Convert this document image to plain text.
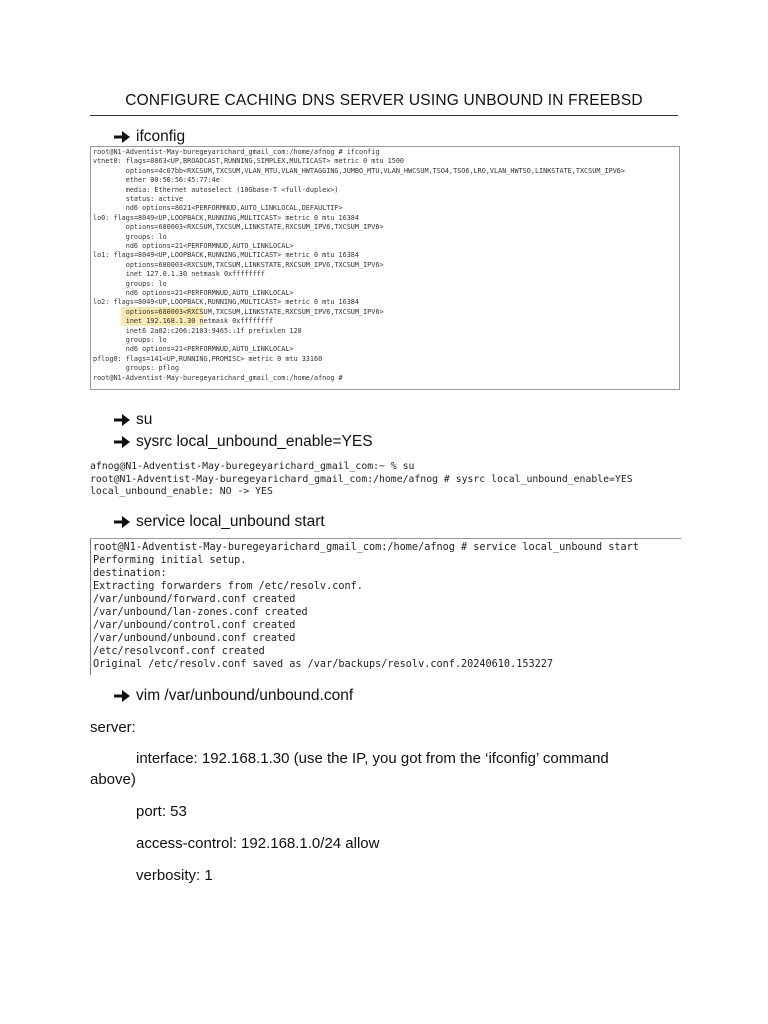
CONFIGURE CACHING DNS SERVER USING UNBOUND IN FREEBSD
ifconfig
root@N1-Adventist-May-buregeyarichard_gmail_com:/home/afnog # ifconfig
vtnet0: flags=8863<UP,BROADCAST,RUNNING,SIMPLEX,MULTICAST> metric 0 mtu 1500
options=4c07bb<RXCSUM,TXCSUM,VLAN_MTU,VLAN_HWTAGGING,JUMBO_MTU,VLAN_HWCSUM,TSO4,TSO6,LRO,VLAN_HWTSO,LINKSTATE,TXCSUM_IPV6>
ether 00:50:56:45:77:4e
media: Ethernet autoselect (10Gbase-T <full-duplex>)
status: active
nd6 options=8021<PERFORMNUD,AUTO_LINKLOCAL,DEFAULTIF>
lo0: flags=8049<UP,LOOPBACK,RUNNING,MULTICAST> metric 0 mtu 16384
options=680003<RXCSUM,TXCSUM,LINKSTATE,RXCSUM_IPV6,TXCSUM_IPV6>
groups: lo
nd6 options=21<PERFORMNUD,AUTO_LINKLOCAL>
lo1: flags=8049<UP,LOOPBACK,RUNNING,MULTICAST> metric 0 mtu 16384
options=680003<RXCSUM,TXCSUM,LINKSTATE,RXCSUM_IPV6,TXCSUM_IPV6>
inet 127.0.1.30 netmask 0xffffffff
groups: lo
nd6 options=21<PERFORMNUD,AUTO_LINKLOCAL>
lo2: flags=8049<UP,LOOPBACK,RUNNING,MULTICAST> metric 0 mtu 16384
options=680003<RXCSUM,TXCSUM,LINKSTATE,RXCSUM_IPV6,TXCSUM_IPV6>
inet 192.168.1.30 netmask 0xffffffff
inet6 2a02:c206:2103:9465::1f prefixlen 128
groups: lo
nd6 options=21<PERFORMNUD,AUTO_LINKLOCAL>
pflog0: flags=141<UP,RUNNING,PROMISC> metric 0 mtu 33160
groups: pflog
root@N1-Adventist-May-buregeyarichard_gmail_com:/home/afnog #
su
sysrc local_unbound_enable=YES
afnog@N1-Adventist-May-buregeyarichard_gmail_com:~ % su
root@N1-Adventist-May-buregeyarichard_gmail_com:/home/afnog # sysrc local_unbound_enable=YES
local_unbound_enable: NO -> YES
service local_unbound start
root@N1-Adventist-May-buregeyarichard_gmail_com:/home/afnog # service local_unbound start
Performing initial setup.
destination:
Extracting forwarders from /etc/resolv.conf.
/var/unbound/forward.conf created
/var/unbound/lan-zones.conf created
/var/unbound/control.conf created
/var/unbound/unbound.conf created
/etc/resolvconf.conf created
Original /etc/resolv.conf saved as /var/backups/resolv.conf.20240610.153227
vim /var/unbound/unbound.conf
server:
interface: 192.168.1.30 (use the IP, you got from the ‘ifconfig’ command
above)
port: 53
access-control: 192.168.1.0/24 allow
verbosity: 1
